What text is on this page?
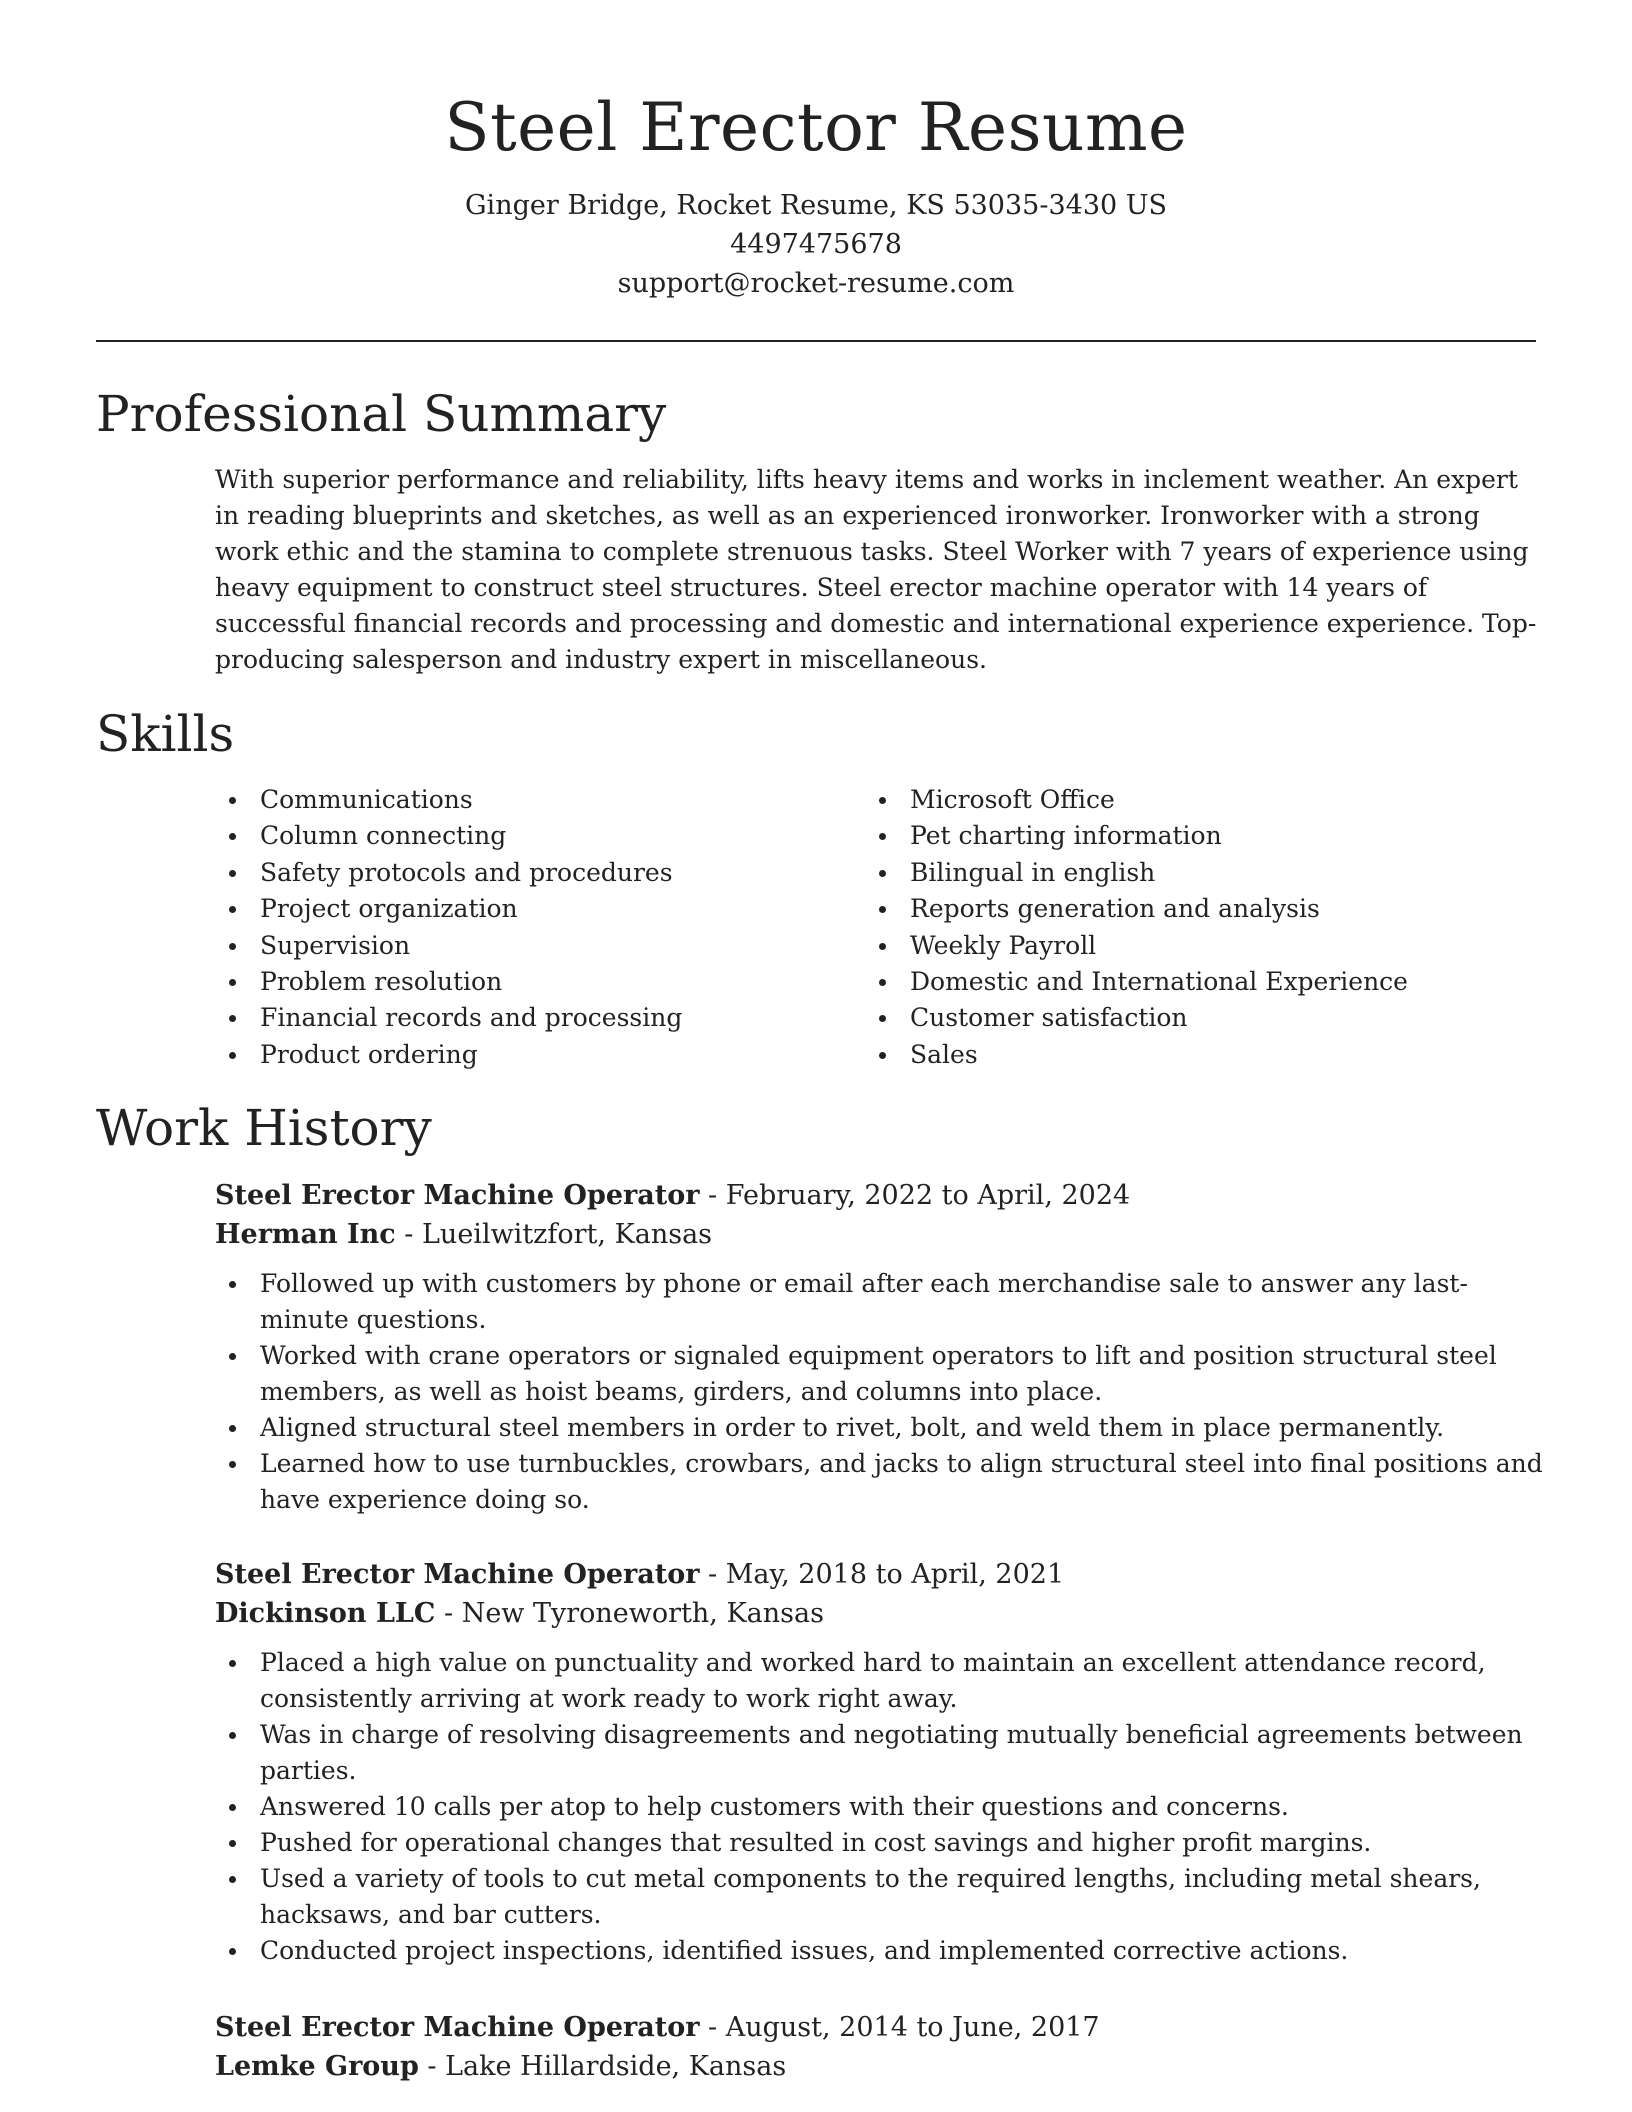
Steel Erector Resume
Ginger Bridge, Rocket Resume, KS 53035-3430 US
4497475678
support@rocket-resume.com
Professional Summary

With superior performance and reliability, lifts heavy items and works in inclement weather. An expert in reading blueprints and sketches, as well as an experienced ironworker. Ironworker with a strong work ethic and the stamina to complete strenuous tasks. Steel Worker with 7 years of experience using heavy equipment to construct steel structures. Steel erector machine operator with 14 years of successful financial records and processing and domestic and international experience experience. Top-producing salesperson and industry expert in miscellaneous.

Skills
Communications
Column connecting
Safety protocols and procedures
Project organization
Supervision
Problem resolution
Financial records and processing
Product ordering
Microsoft Office
Pet charting information
Bilingual in english
Reports generation and analysis
Weekly Payroll
Domestic and International Experience
Customer satisfaction
Sales
Work History
Steel Erector Machine Operator - February, 2022 to April, 2024
Herman Inc - Lueilwitzfort, Kansas
Followed up with customers by phone or email after each merchandise sale to answer any last-minute questions.
Worked with crane operators or signaled equipment operators to lift and position structural steel members, as well as hoist beams, girders, and columns into place.
Aligned structural steel members in order to rivet, bolt, and weld them in place permanently.
Learned how to use turnbuckles, crowbars, and jacks to align structural steel into final positions and have experience doing so.
Steel Erector Machine Operator - May, 2018 to April, 2021
Dickinson LLC - New Tyroneworth, Kansas
Placed a high value on punctuality and worked hard to maintain an excellent attendance record, consistently arriving at work ready to work right away.
Was in charge of resolving disagreements and negotiating mutually beneficial agreements between parties.
Answered 10 calls per atop to help customers with their questions and concerns.
Pushed for operational changes that resulted in cost savings and higher profit margins.
Used a variety of tools to cut metal components to the required lengths, including metal shears, hacksaws, and bar cutters.
Conducted project inspections, identified issues, and implemented corrective actions.
Steel Erector Machine Operator - August, 2014 to June, 2017
Lemke Group - Lake Hillardside, Kansas
